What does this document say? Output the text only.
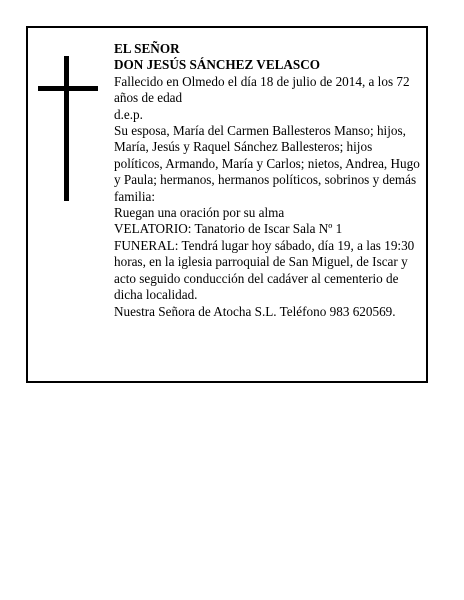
EL SEÑOR
DON JESÚS SÁNCHEZ VELASCO
Fallecido en Olmedo el día 18 de julio de 2014, a los 72 años de edad
d.e.p.
Su esposa, María del Carmen Ballesteros Manso; hijos, María, Jesús y Raquel Sánchez Ballesteros; hijos políticos, Armando, María y Carlos; nietos, Andrea, Hugo y Paula; hermanos, hermanos políticos, sobrinos y demás familia:
Ruegan una oración por su alma
VELATORIO: Tanatorio de Iscar Sala Nº 1
FUNERAL: Tendrá lugar hoy sábado, día 19, a las 19:30 horas, en la iglesia parroquial de San Miguel, de Iscar y acto seguido conducción del cadáver al cementerio de dicha localidad.
Nuestra Señora de Atocha S.L. Teléfono 983 620569.
